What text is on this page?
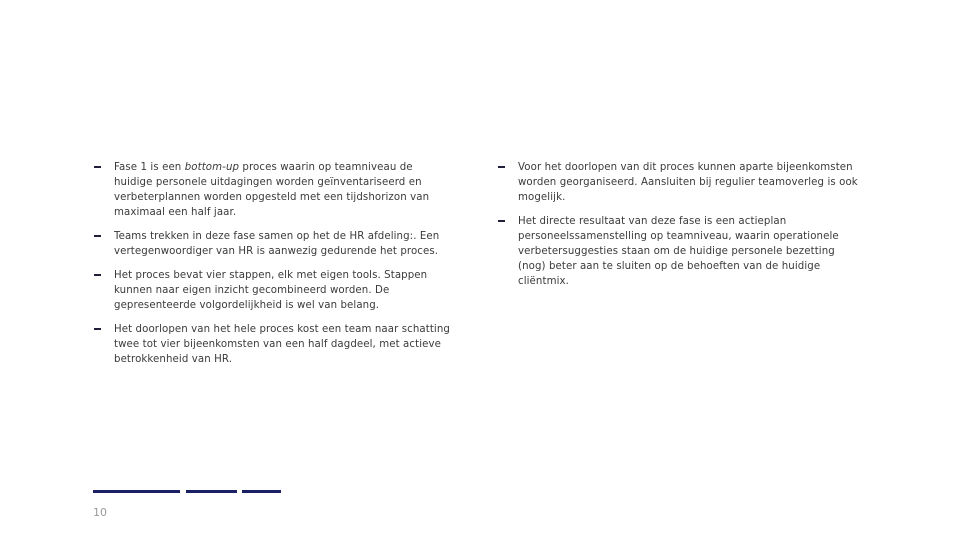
Fase 1 is een bottom-up proces waarin op teamniveau de huidige personele uitdagingen worden geïnventariseerd en verbeterplannen worden opgesteld met een tijdshorizon van maximaal een half jaar.
Teams trekken in deze fase samen op het de HR afdeling:. Een vertegenwoordiger van HR is aanwezig gedurende het proces.
Het proces bevat vier stappen, elk met eigen tools. Stappen kunnen naar eigen inzicht gecombineerd worden. De gepresenteerde volgordelijkheid is wel van belang.
Het doorlopen van het hele proces kost een team naar schatting twee tot vier bijeenkomsten van een half dagdeel, met actieve betrokkenheid van HR.
Voor het doorlopen van dit proces kunnen aparte bijeenkomsten worden georganiseerd. Aansluiten bij regulier teamoverleg is ook mogelijk.
Het directe resultaat van deze fase is een actieplan personeelssamenstelling op teamniveau, waarin operationele verbetersuggesties staan om de huidige personele bezetting (nog) beter aan te sluiten op de behoeften van de huidige cliëntmix.
10
